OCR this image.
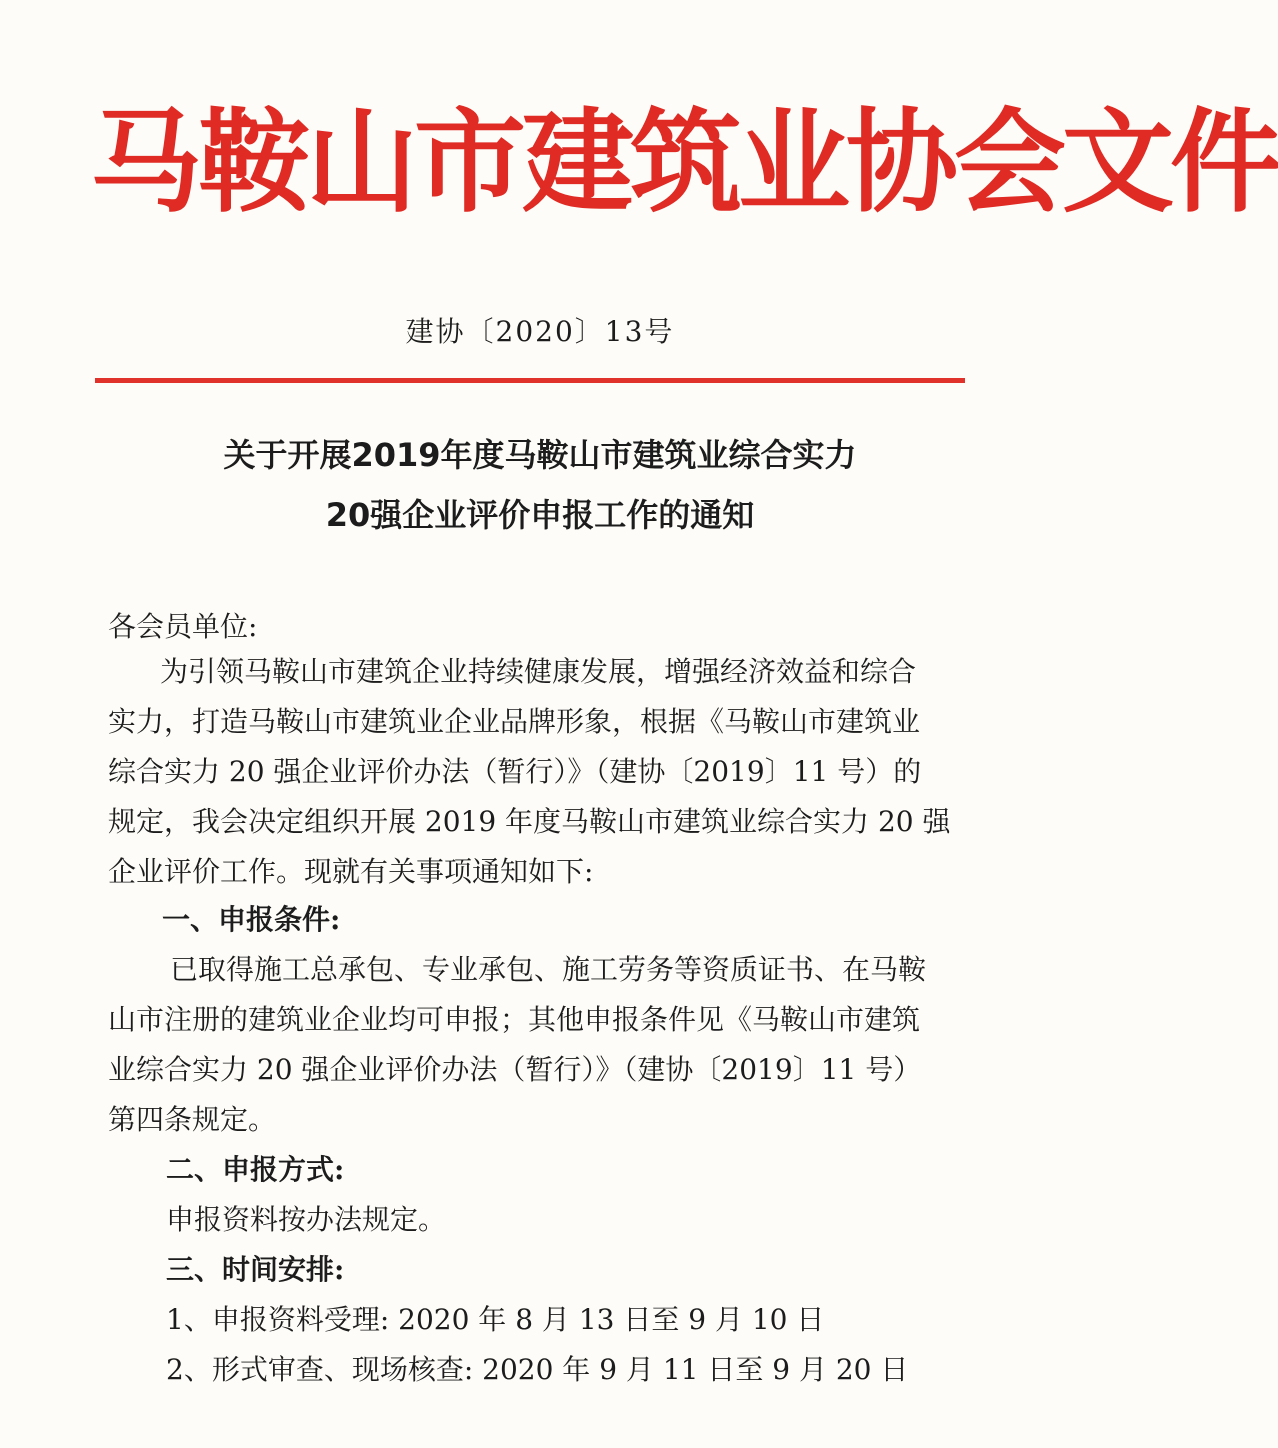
马鞍山市建筑业协会文件
建协〔2020〕13号
关于开展2019年度马鞍山市建筑业综合实力
20强企业评价申报工作的通知
各会员单位:
为引领马鞍山市建筑企业持续健康发展，增强经济效益和综合
实力，打造马鞍山市建筑业企业品牌形象，根据《马鞍山市建筑业
综合实力 20 强企业评价办法（暂行）》（建协〔2019〕11 号）的
规定，我会决定组织开展 2019 年度马鞍山市建筑业综合实力 20 强
企业评价工作。现就有关事项通知如下:
一、申报条件:
已取得施工总承包、专业承包、施工劳务等资质证书、在马鞍
山市注册的建筑业企业均可申报；其他申报条件见《马鞍山市建筑
业综合实力 20 强企业评价办法（暂行）》（建协〔2019〕11 号）
第四条规定。
二、申报方式:
申报资料按办法规定。
三、时间安排:
1、申报资料受理: 2020 年 8 月 13 日至 9 月 10 日
2、形式审查、现场核查: 2020 年 9 月 11 日至 9 月 20 日
